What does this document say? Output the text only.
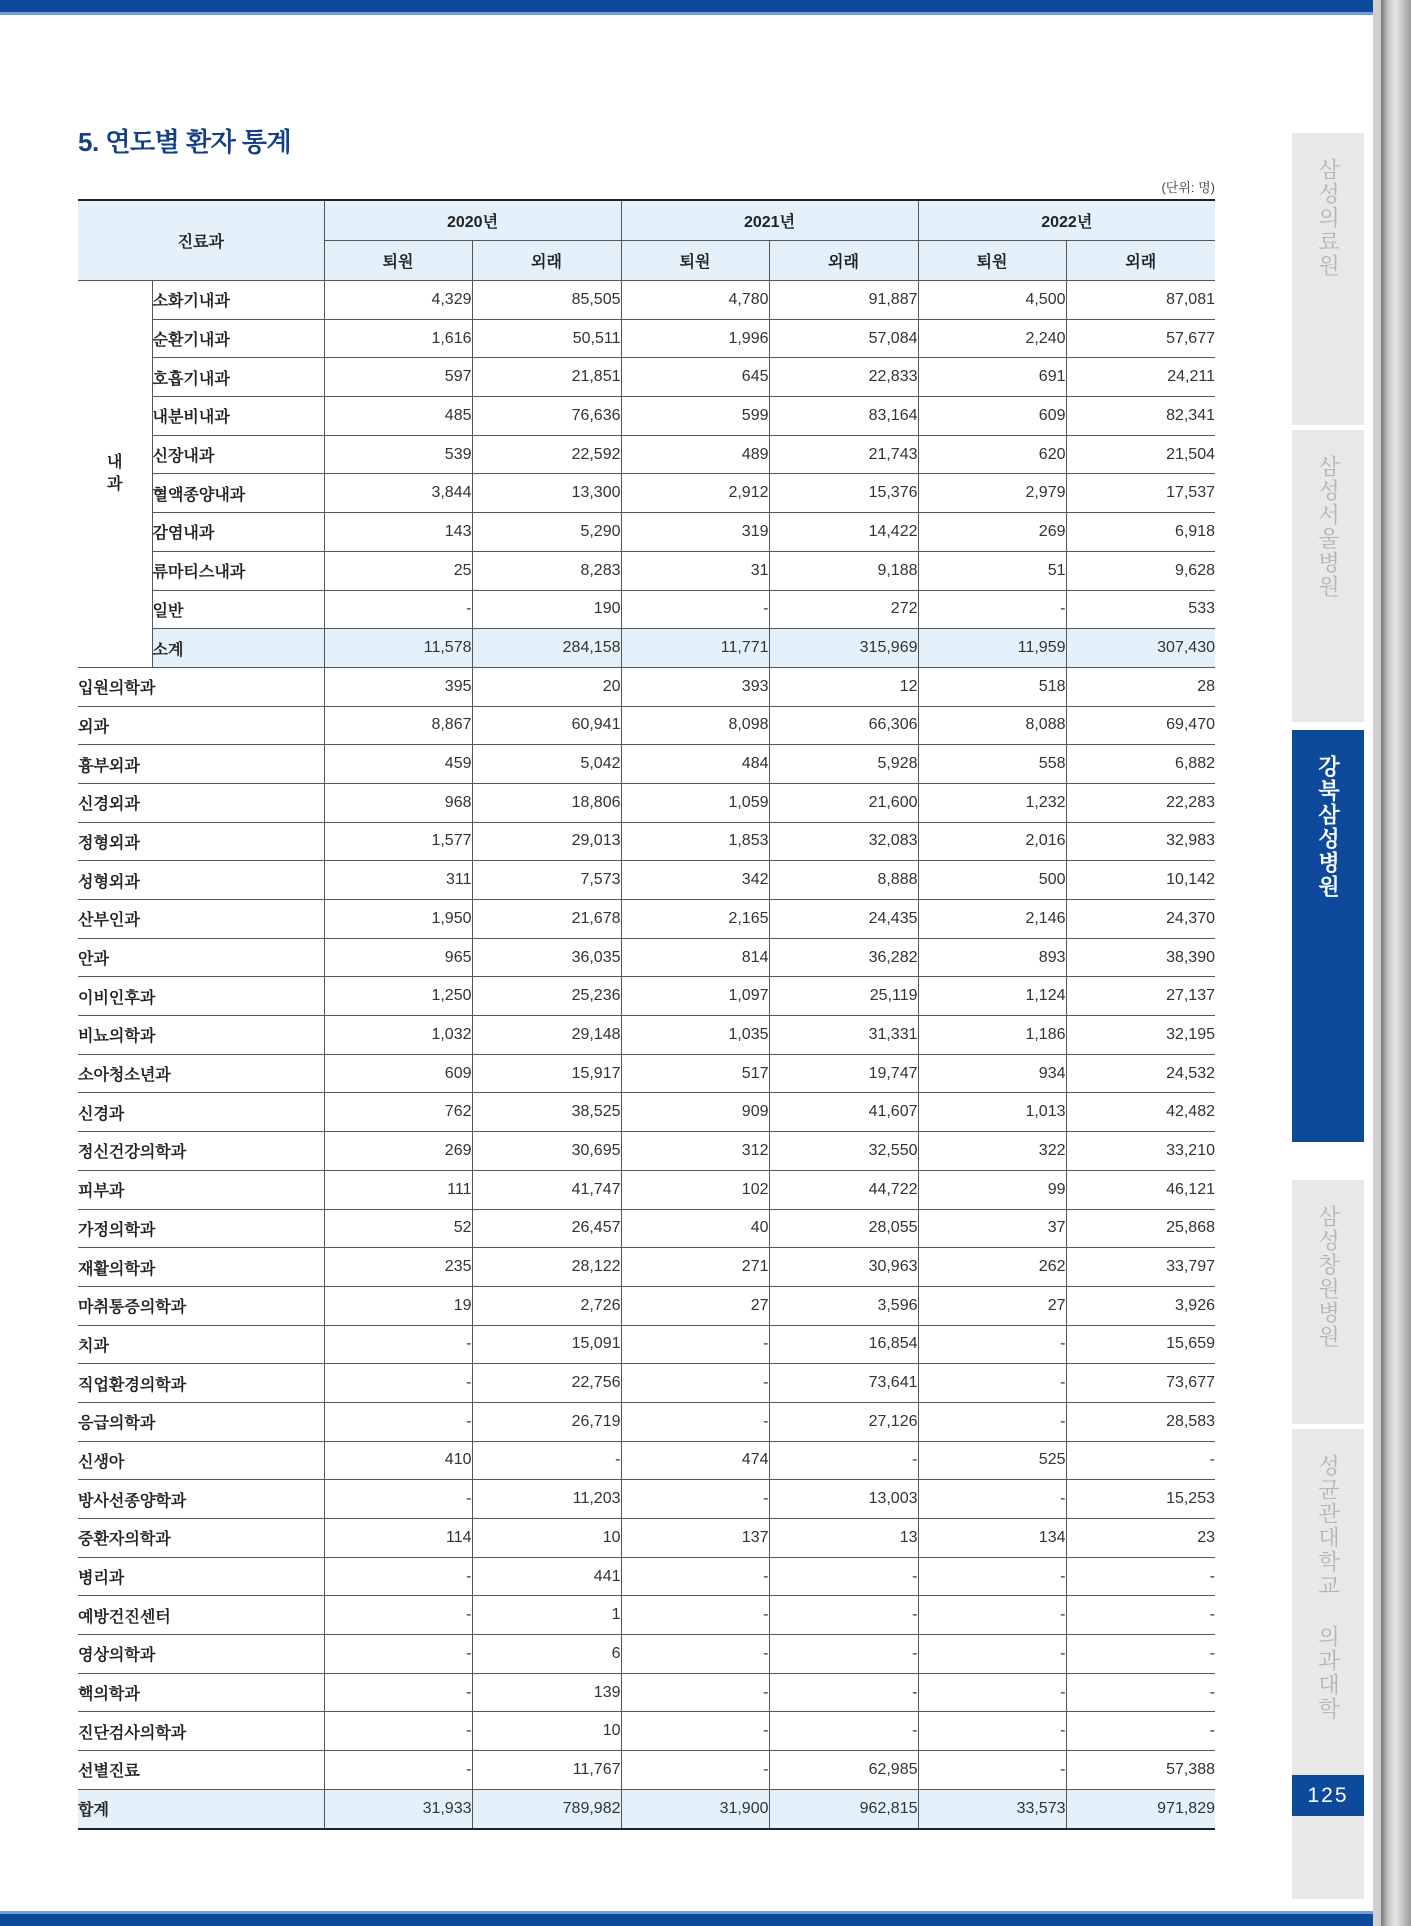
5. 연도별 환자 통계
(단위: 명)
진료과		2020년		2021년		2022년	
		퇴원	외래	퇴원	외래	퇴원	외래
내
과	소화기내과	4,329	85,505	4,780	91,887	4,500	87,081
	순환기내과	1,616	50,511	1,996	57,084	2,240	57,677
	호흡기내과	597	21,851	645	22,833	691	24,211
	내분비내과	485	76,636	599	83,164	609	82,341
	신장내과	539	22,592	489	21,743	620	21,504
	혈액종양내과	3,844	13,300	2,912	15,376	2,979	17,537
	감염내과	143	5,290	319	14,422	269	6,918
	류마티스내과	25	8,283	31	9,188	51	9,628
	일반	-	190	-	272	-	533
	소계	11,578	284,158	11,771	315,969	11,959	307,430
입원의학과		395	20	393	12	518	28
외과		8,867	60,941	8,098	66,306	8,088	69,470
흉부외과		459	5,042	484	5,928	558	6,882
신경외과		968	18,806	1,059	21,600	1,232	22,283
정형외과		1,577	29,013	1,853	32,083	2,016	32,983
성형외과		311	7,573	342	8,888	500	10,142
산부인과		1,950	21,678	2,165	24,435	2,146	24,370
안과		965	36,035	814	36,282	893	38,390
이비인후과		1,250	25,236	1,097	25,119	1,124	27,137
비뇨의학과		1,032	29,148	1,035	31,331	1,186	32,195
소아청소년과		609	15,917	517	19,747	934	24,532
신경과		762	38,525	909	41,607	1,013	42,482
정신건강의학과		269	30,695	312	32,550	322	33,210
피부과		111	41,747	102	44,722	99	46,121
가정의학과		52	26,457	40	28,055	37	25,868
재활의학과		235	28,122	271	30,963	262	33,797
마취통증의학과		19	2,726	27	3,596	27	3,926
치과		-	15,091	-	16,854	-	15,659
직업환경의학과		-	22,756	-	73,641	-	73,677
응급의학과		-	26,719	-	27,126	-	28,583
신생아		410	-	474	-	525	-
방사선종양학과		-	11,203	-	13,003	-	15,253
중환자의학과		114	10	137	13	134	23
병리과		-	441	-	-	-	-
예방건진센터		-	1	-	-	-	-
영상의학과		-	6	-	-	-	-
핵의학과		-	139	-	-	-	-
진단검사의학과		-	10	-	-	-	-
선별진료		-	11,767	-	62,985	-	57,388
합계		31,933	789,982	31,900	962,815	33,573	971,829
삼성의료원
삼성서울병원
강북삼성병원
삼성창원병원
성균관대학교 의과대학
125
